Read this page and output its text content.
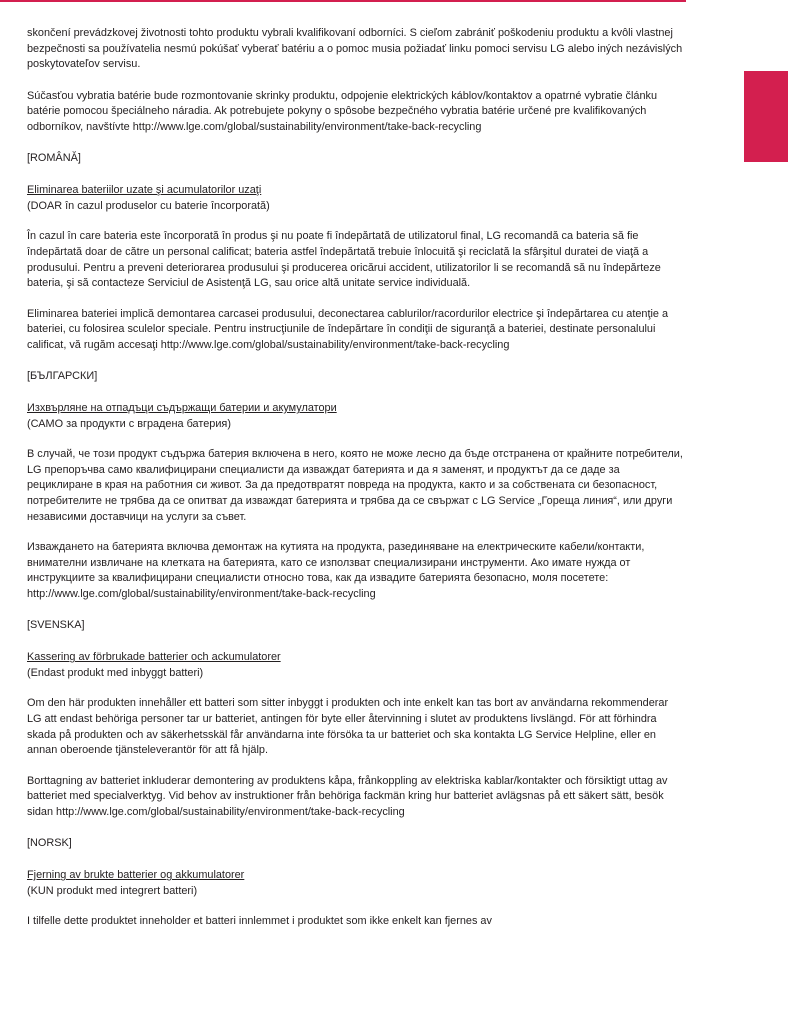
skončení prevádzkovej životnosti tohto produktu vybrali kvalifikovaní odborníci. S cieľom zabrániť poškodeniu produktu a kvôli vlastnej bezpečnosti sa používatelia nesmú pokúšať vyberať batériu a o pomoc musia požiadať linku pomoci servisu LG alebo iných nezávislých poskytovateľov servisu.

Súčasťou vybratia batérie bude rozmontovanie skrinky produktu, odpojenie elektrických káblov/kontaktov a opatrné vybratie článku batérie pomocou špeciálneho náradia. Ak potrebujete pokyny o spôsobe bezpečného vybratia batérie určené pre kvalifikovaných odborníkov, navštívte http://www.lge.com/global/sustainability/environment/take-back-recycling

[ROMÂNĂ]
Eliminarea bateriilor uzate şi acumulatorilor uzaţi
(DOAR în cazul produselor cu baterie încorporată)

În cazul în care bateria este încorporată în produs şi nu poate fi îndepărtată de utilizatorul final, LG recomandă ca bateria să fie îndepărtată doar de către un personal calificat; bateria astfel îndepărtată trebuie înlocuită şi reciclată la sfârşitul duratei de viaţă a produsului. Pentru a preveni deteriorarea produsului şi producerea oricărui accident, utilizatorilor li se recomandă să nu îndepărteze bateria, şi să contacteze Serviciul de Asistenţă LG, sau orice altă unitate service individuală.

Eliminarea bateriei implică demontarea carcasei produsului, deconectarea cablurilor/racordurilor electrice şi îndepărtarea cu atenţie a bateriei, cu folosirea sculelor speciale. Pentru instrucţiunile de îndepărtare în condiţii de siguranţă a bateriei, destinate personalului calificat, vă rugăm accesaţi http://www.lge.com/global/sustainability/environment/take-back-recycling

[БЪЛГАРСКИ]
Изхвърляне на отпадъци съдържащи батерии и акумулатори
(САМО за продукти с вградена батерия)

В случай, че този продукт съдържа батерия включена в него, която не може лесно да бъде отстранена от крайните потребители, LG препоръчва само квалифицирани специалисти да изваждат батерията и да я заменят, и продуктът да се даде за рециклиране в края на работния си живот. За да предотвратят повреда на продукта, както и за собствената си безопасност, потребителите не трябва да се опитват да изваждат батерията и трябва да се свържат с LG Service „Гореща линия“, или други независими доставчици на услуги за съвет.

Изваждането на батерията включва демонтаж на кутията на продукта, разединяване на електрическите кабели/контакти, внимателни извличане на клетката на батерията, като се използват специализирани инструменти. Ако имате нужда от инструкциите за квалифицирани специалисти относно това, как да извадите батерията безопасно, моля посетете: http://www.lge.com/global/sustainability/environment/take-back-recycling

[SVENSKA]
Kassering av förbrukade batterier och ackumulatorer
(Endast produkt med inbyggt batteri)

Om den här produkten innehåller ett batteri som sitter inbyggt i produkten och inte enkelt kan tas bort av användarna rekommenderar LG att endast behöriga personer tar ur batteriet, antingen för byte eller återvinning i slutet av produktens livslängd. För att förhindra skada på produkten och av säkerhetsskäl får användarna inte försöka ta ur batteriet och ska kontakta LG Service Helpline, eller en annan oberoende tjänsteleverantör för att få hjälp.

Borttagning av batteriet inkluderar demontering av produktens kåpa, frånkoppling av elektriska kablar/kontakter och försiktigt uttag av batteriet med specialverktyg. Vid behov av instruktioner från behöriga fackmän kring hur batteriet avlägsnas på ett säkert sätt, besök sidan http://www.lge.com/global/sustainability/environment/take-back-recycling

[NORSK]
Fjerning av brukte batterier og akkumulatorer
(KUN produkt med integrert batteri)

I tilfelle dette produktet inneholder et batteri innlemmet i produktet som ikke enkelt kan fjernes av
